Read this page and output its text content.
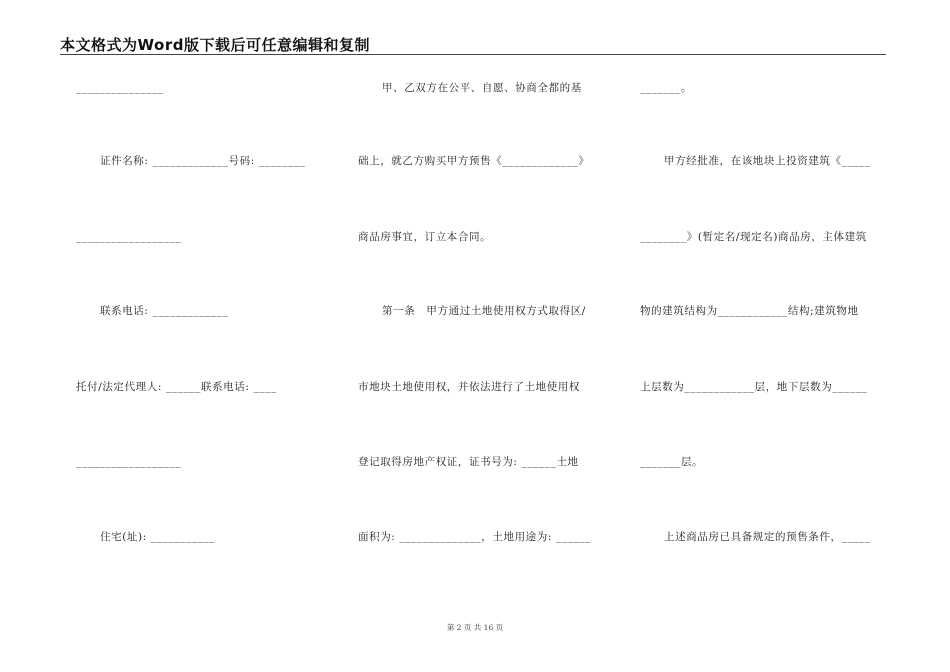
本文格式为Word版下载后可任意编辑和复制
_______________
证件名称: _____________号码: ________
__________________
联系电话: _____________
托付/法定代理人: ______联系电话: ____
__________________
住宅(址): ___________
甲、乙双方在公平、自愿、协商全都的基
础上，就乙方购买甲方预售《_____________》
商品房事宜，订立本合同。
第一条　甲方通过土地使用权方式取得区/
市地块土地使用权，并依法进行了土地使用权
登记取得房地产权证，证书号为: ______土地
面积为: ______________，土地用途为: ______
_______。
甲方经批准，在该地块上投资建筑《_____
________》(暂定名/现定名)商品房，主体建筑
物的建筑结构为____________结构;建筑物地
上层数为____________层，地下层数为______
_______层。
上述商品房已具备规定的预售条件，_____
第 2 页 共 16 页
